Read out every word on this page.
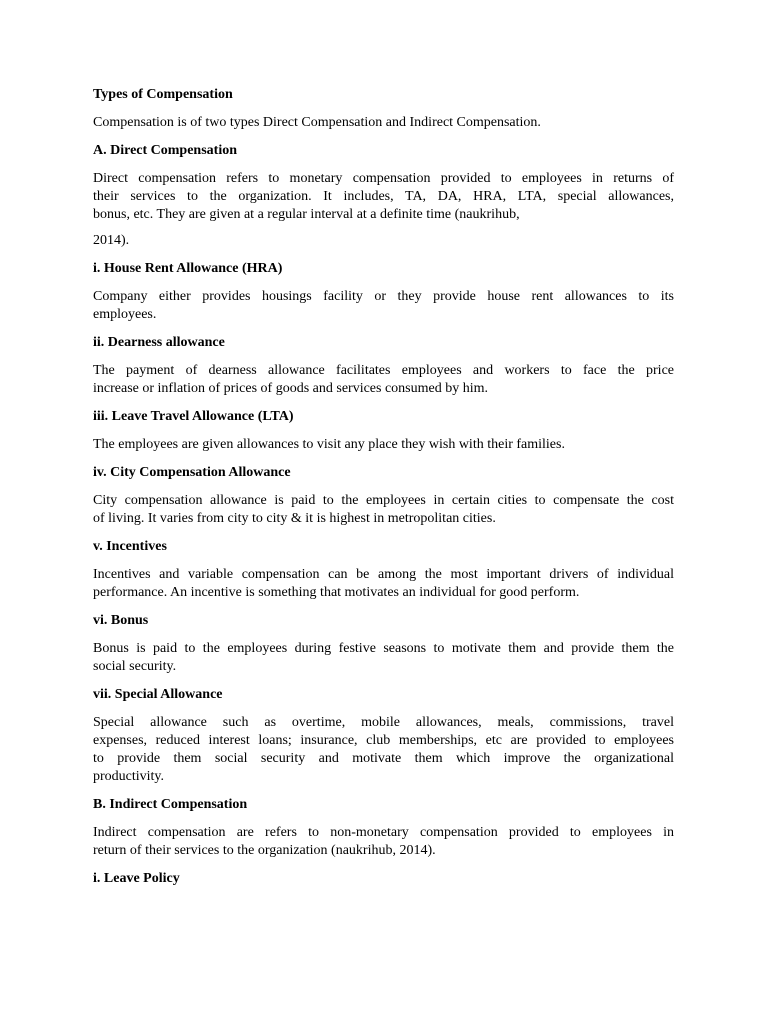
Types of Compensation
Compensation is of two types Direct Compensation and Indirect Compensation.
A. Direct Compensation
Direct compensation refers to monetary compensation provided to employees in returns of
their services to the organization. It includes, TA, DA, HRA, LTA, special allowances,
bonus, etc. They are given at a regular interval at a definite time (naukrihub,
2014).
i. House Rent Allowance (HRA)
Company either provides housings facility or they provide house rent allowances to its
employees.
ii. Dearness allowance
The payment of dearness allowance facilitates employees and workers to face the price
increase or inflation of prices of goods and services consumed by him.
iii. Leave Travel Allowance (LTA)
The employees are given allowances to visit any place they wish with their families.
iv. City Compensation Allowance
City compensation allowance is paid to the employees in certain cities to compensate the cost
of living. It varies from city to city & it is highest in metropolitan cities.
v. Incentives
Incentives and variable compensation can be among the most important drivers of individual
performance. An incentive is something that motivates an individual for good perform.
vi. Bonus
Bonus is paid to the employees during festive seasons to motivate them and provide them the
social security.
vii. Special Allowance
Special allowance such as overtime, mobile allowances, meals, commissions, travel
expenses, reduced interest loans; insurance, club memberships, etc are provided to employees
to provide them social security and motivate them which improve the organizational
productivity.
B. Indirect Compensation
Indirect compensation are refers to non-monetary compensation provided to employees in
return of their services to the organization (naukrihub, 2014).
i. Leave Policy
